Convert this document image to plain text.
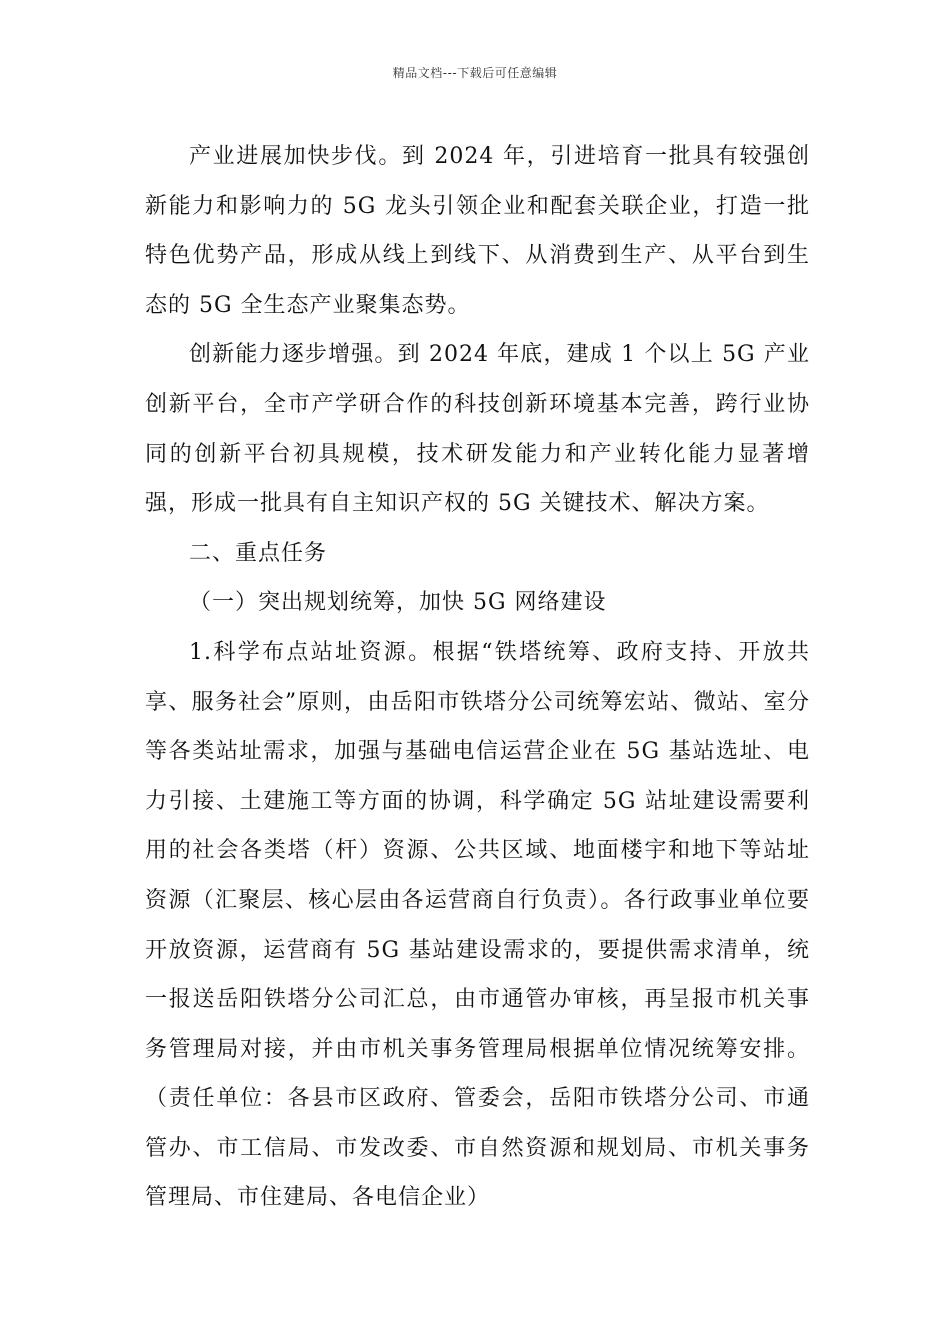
精品文档---下载后可任意编辑

产业进展加快步伐。到 2024 年，引进培育一批具有较强创新能力和影响力的 5G 龙头引领企业和配套关联企业，打造一批特色优势产品，形成从线上到线下、从消费到生产、从平台到生态的 5G 全生态产业聚集态势。

创新能力逐步增强。到 2024 年底，建成 1 个以上 5G 产业创新平台，全市产学研合作的科技创新环境基本完善，跨行业协同的创新平台初具规模，技术研发能力和产业转化能力显著增强，形成一批具有自主知识产权的 5G 关键技术、解决方案。

二、重点任务

（一）突出规划统筹，加快 5G 网络建设

1.科学布点站址资源。根据“铁塔统筹、政府支持、开放共享、服务社会”原则，由岳阳市铁塔分公司统筹宏站、微站、室分等各类站址需求，加强与基础电信运营企业在 5G 基站选址、电力引接、土建施工等方面的协调，科学确定 5G 站址建设需要利用的社会各类塔（杆）资源、公共区域、地面楼宇和地下等站址资源（汇聚层、核心层由各运营商自行负责）。各行政事业单位要开放资源，运营商有 5G 基站建设需求的，要提供需求清单，统一报送岳阳铁塔分公司汇总，由市通管办审核，再呈报市机关事务管理局对接，并由市机关事务管理局根据单位情况统筹安排。（责任单位：各县市区政府、管委会，岳阳市铁塔分公司、市通管办、市工信局、市发改委、市自然资源和规划局、市机关事务管理局、市住建局、各电信企业）
